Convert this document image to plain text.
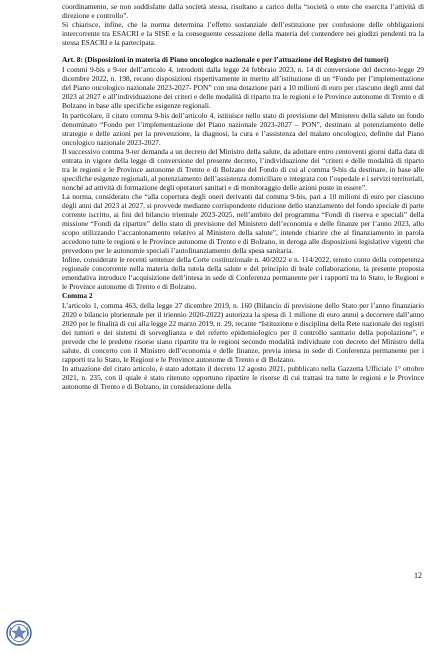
coordinamento, se non soddisfatte dalla società stessa, risultano a carico della “società o ente che esercita l’attività di direzione e controllo”.

Si chiarisce, infine, che la norma determina l’effetto sostanziale dell’estinzione per confusione delle obbligazioni intercorrente tra ESACRI e la SISE e la conseguente cessazione della materia del contendere nei giudizi pendenti tra la stessa ESACRI e la partecipata.

Art. 8: (Disposizioni in materia di Piano oncologico nazionale e per l’attuazione del Registro dei tumori)

I commi 9-bis e 9-ter dell’articolo 4, introdotti dalla legge 24 febbraio 2023, n. 14 di conversione del decreto-legge 29 dicembre 2022, n. 198, recano disposizioni rispettivamente in merito all’istituzione di un “Fondo per l’implementazione del Piano oncologico nazionale 2023-2027- PON” con una dotazione pari a 10 milioni di euro per ciascuno degli anni dal 2023 al 2027 e all’individuazione dei criteri e delle modalità di riparto tra le regioni e le Province autonome di Trento e di Bolzano in base alle specifiche esigenze regionali.

In particolare, il citato comma 9-bis dell’articolo 4, istituisce nello stato di previsione del Ministero della salute un fondo denominato “Fondo per l’implementazione del Piano nazionale 2023-2027 – PON”, destinato al potenziamento delle strategie e delle azioni per la prevenzione, la diagnosi, la cura e l’assistenza del malato oncologico, definite dal Piano oncologico nazionale 2023-2027.

Il successivo comma 9-ter demanda a un decreto del Ministro della salute, da adottare entro centoventi giorni dalla data di entrata in vigore della legge di conversione del presente decreto, l’individuazione dei “criteri e delle modalità di riparto tra le regioni e le Province autonome di Trento e di Bolzano del Fondo di cui al comma 9-bis da destinare, in base alle specifiche esigenze regionali, al potenziamento dell’assistenza domiciliare e integrata con l’ospedale e i servizi territoriali, nonché ad attività di formazione degli operatori sanitari e di monitoraggio delle azioni poste in essere”.

La norma, considerato che “alla copertura degli oneri derivanti dal comma 9-bis, pari a 10 milioni di euro per ciascuno degli anni dal 2023 al 2027, si provvede mediante corrispondente riduzione dello stanziamento del fondo speciale di parte corrente iscritto, ai fini del bilancio triennale 2023-2025, nell’ambito del programma “Fondi di riserva e speciali” della missione “Fondi da ripartire” dello stato di previsione del Ministero dell’economia e delle finanze per l’anno 2023, allo scopo utilizzando l’accantonamento relativo al Ministero della salute”, intende chiarire che al finanziamento in parola accedono tutte le regioni e le Province autonome di Trento e di Bolzano, in deroga alle disposizioni legislative vigenti che prevedono per le autonomie speciali l’autofinanziamento della spesa sanitaria.

Infine, considerate le recenti sentenze della Corte costituzionale n. 40/2022 e n. 114/2022, tenuto conto della competenza regionale concorrente nella materia della tutela della salute e del principio di leale collaborazione, la presente proposta emendativa introduce l’acquisizione dell’intesa in sede di Conferenza permanente per i rapporti tra lo Stato, le Regioni e le Province autonome di Trento e di Bolzano.

Comma 2

L’articolo 1, comma 463, della legge 27 dicembre 2019, n. 160 (Bilancio di previsione dello Stato per l’anno finanziario 2020 e bilancio pluriennale per il triennio 2020-2022) autorizza la spesa di 1 milione di euro annui a decorrere dall’anno 2020 per le finalità di cui alla legge 22 marzo 2019, n. 29, recante “Istituzione e disciplina della Rete nazionale dei registri dei tumori e dei sistemi di sorveglianza e del referto epidemiologico per il controllo sanitario della popolazione”, e prevede che le predette risorse siano ripartite tra le regioni secondo modalità individuate con decreto del Ministro della salute, di concerto con il Ministro dell’economia e delle finanze, previa intesa in sede di Conferenza permanente per i rapporti tra lo Stato, le Regioni e le Province autonome di Trento e di Bolzano.

In attuazione del citato articolo, è stato adottato il decreto 12 agosto 2021, pubblicato nella Gazzetta Ufficiale 1° ottobre 2021, n. 235, con il quale è stato ritenuto opportuno ripartire le risorse di cui trattasi tra tutte le regioni e le Province autonome di Trento e di Bolzano, in considerazione della

12
